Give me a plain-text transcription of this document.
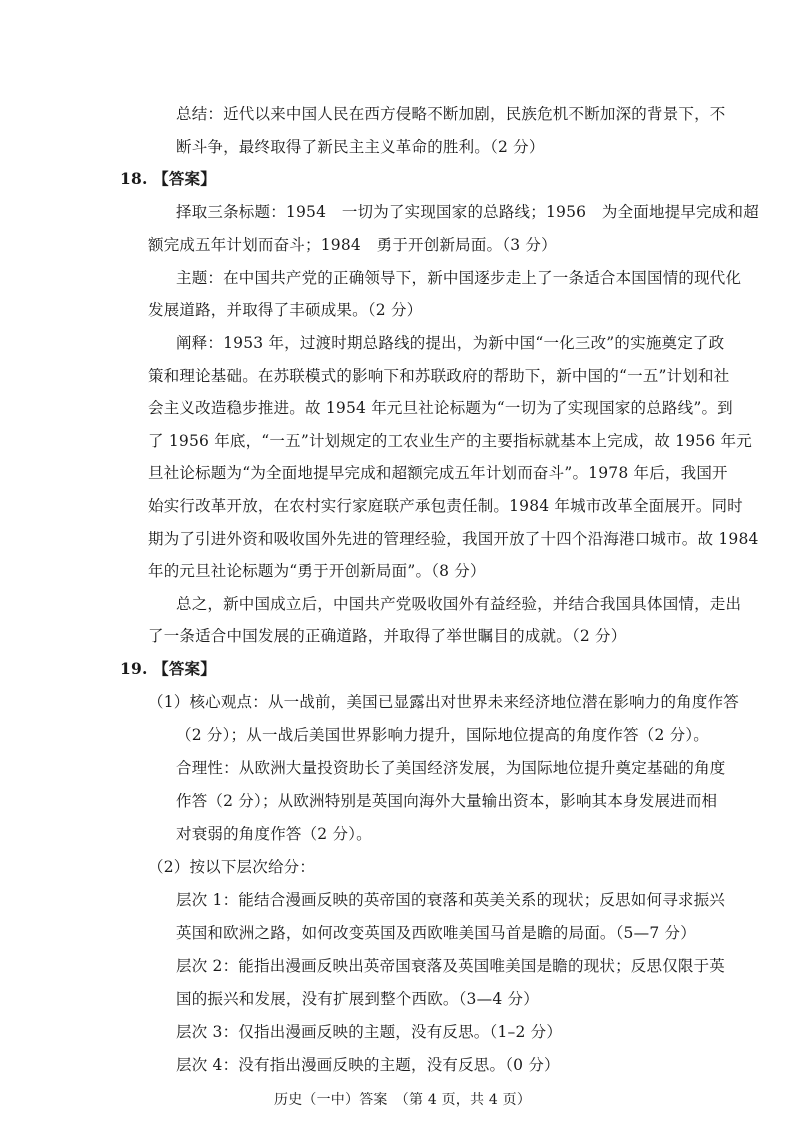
总结：近代以来中国人民在西方侵略不断加剧，民族危机不断加深的背景下，不

断斗争，最终取得了新民主主义革命的胜利。（2 分）

18. 【答案】

择取三条标题：1954　一切为了实现国家的总路线；1956　为全面地提早完成和超

额完成五年计划而奋斗；1984　勇于开创新局面。（3 分）

主题：在中国共产党的正确领导下，新中国逐步走上了一条适合本国国情的现代化

发展道路，并取得了丰硕成果。（2 分）

阐释：1953 年，过渡时期总路线的提出，为新中国“一化三改”的实施奠定了政

策和理论基础。在苏联模式的影响下和苏联政府的帮助下，新中国的“一五”计划和社

会主义改造稳步推进。故 1954 年元旦社论标题为“一切为了实现国家的总路线”。到

了 1956 年底，“一五”计划规定的工农业生产的主要指标就基本上完成，故 1956 年元

旦社论标题为“为全面地提早完成和超额完成五年计划而奋斗”。1978 年后，我国开

始实行改革开放，在农村实行家庭联产承包责任制。1984 年城市改革全面展开。同时

期为了引进外资和吸收国外先进的管理经验，我国开放了十四个沿海港口城市。故 1984

年的元旦社论标题为“勇于开创新局面”。（8 分）

总之，新中国成立后，中国共产党吸收国外有益经验，并结合我国具体国情，走出

了一条适合中国发展的正确道路，并取得了举世瞩目的成就。（2 分）

19. 【答案】

（1）核心观点：从一战前，美国已显露出对世界未来经济地位潜在影响力的角度作答

（2 分）；从一战后美国世界影响力提升，国际地位提高的角度作答（2 分）。

合理性：从欧洲大量投资助长了美国经济发展，为国际地位提升奠定基础的角度

作答（2 分）；从欧洲特别是英国向海外大量输出资本，影响其本身发展进而相

对衰弱的角度作答（2 分）。

（2）按以下层次给分：

层次 1：能结合漫画反映的英帝国的衰落和英美关系的现状；反思如何寻求振兴

英国和欧洲之路，如何改变英国及西欧唯美国马首是瞻的局面。（5—7 分）

层次 2：能指出漫画反映出英帝国衰落及英国唯美国是瞻的现状；反思仅限于英

国的振兴和发展，没有扩展到整个西欧。（3—4 分）

层次 3：仅指出漫画反映的主题，没有反思。（1–2 分）

层次 4：没有指出漫画反映的主题，没有反思。（0 分）

历史（一中）答案　（第 4 页，共 4 页）
